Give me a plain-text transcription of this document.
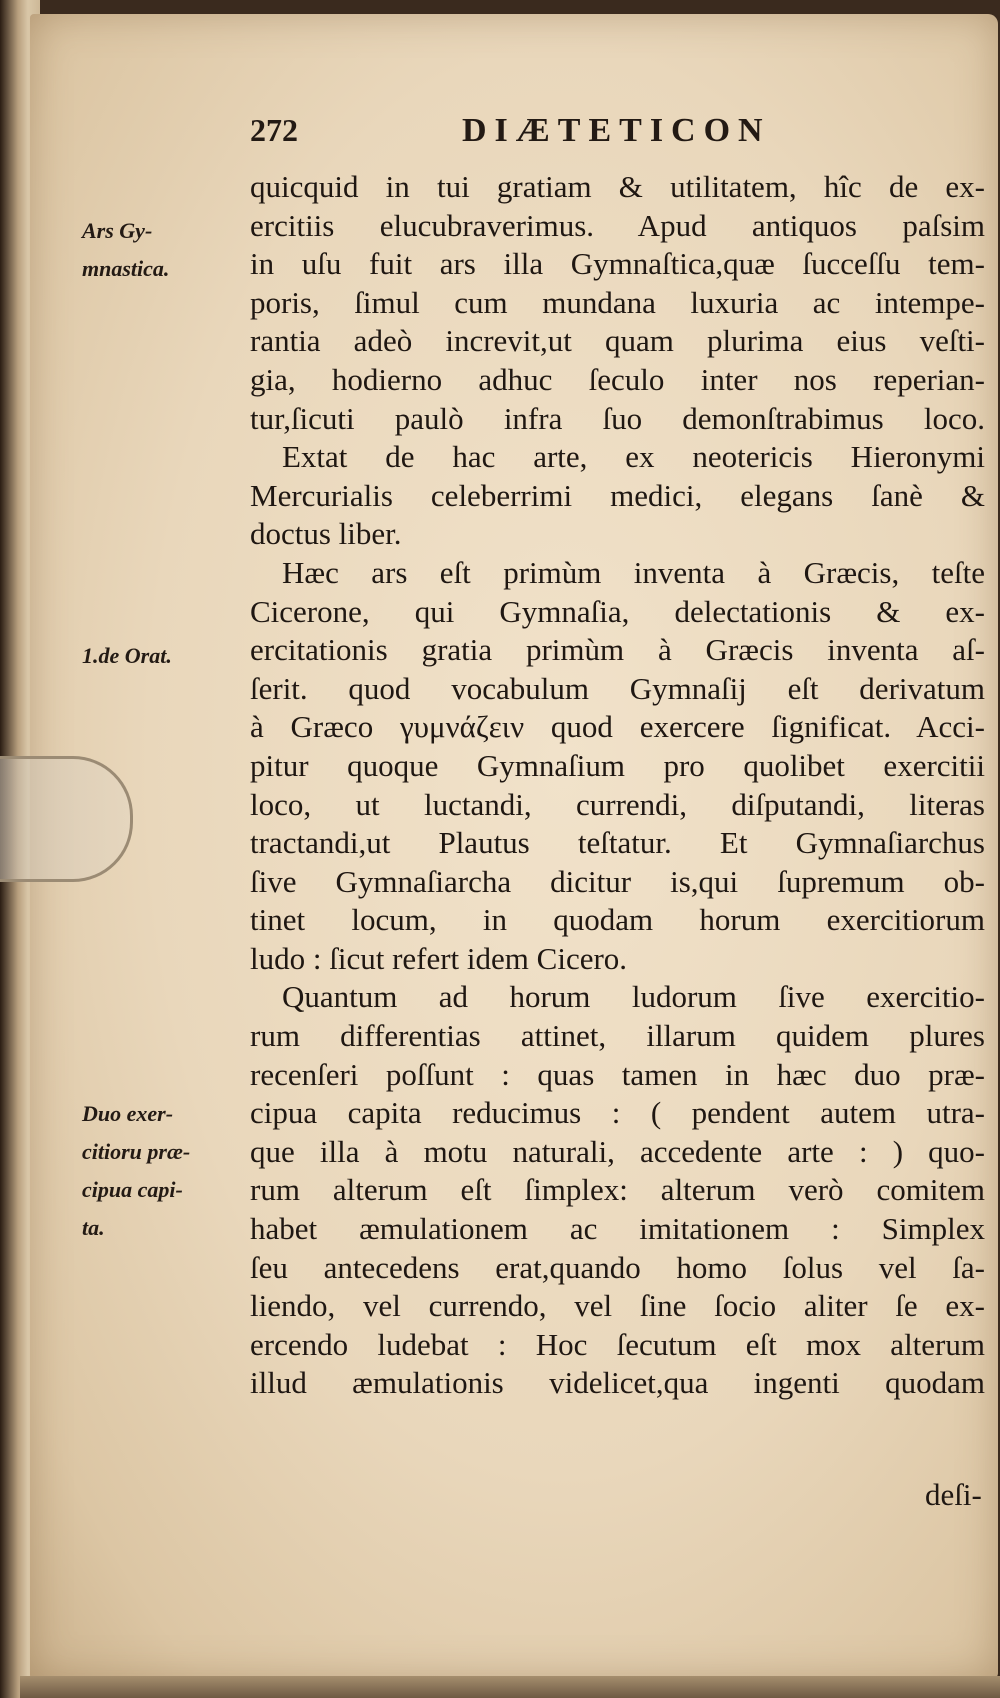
272	DIÆTETICON
Ars Gy-
mnastica.
1.de Orat.
Duo exer-
citioru præ-
cipua capi-
ta.
quicquid in tui gratiam & utilitatem, hîc de ex-
ercitiis elucubraverimus. Apud antiquos paſsim
in uſu fuit ars illa Gymnaſtica,quæ ſucceſſu tem-
poris, ſimul cum mundana luxuria ac intempe-
rantia adeò increvit,ut quam plurima eius veſti-
gia, hodierno adhuc ſeculo inter nos reperian-
tur,ſicuti paulò infra ſuo demonſtrabimus loco.
Extat de hac arte, ex neotericis Hieronymi
Mercurialis celeberrimi medici, elegans ſanè &
doctus liber.
Hæc ars eſt primùm inventa à Græcis, teſte
Cicerone, qui Gymnaſia, delectationis & ex-
ercitationis gratia primùm à Græcis inventa aſ-
ſerit. quod vocabulum Gymnaſij eſt derivatum
à Græco γυμνάζειν quod exercere ſignificat. Acci-
pitur quoque Gymnaſium pro quolibet exercitii
loco, ut luctandi, currendi, diſputandi, literas
tractandi,ut Plautus teſtatur. Et Gymnaſiarchus
ſive Gymnaſiarcha dicitur is,qui ſupremum ob-
tinet locum, in quodam horum exercitiorum
ludo : ſicut refert idem Cicero.
Quantum ad horum ludorum ſive exercitio-
rum differentias attinet, illarum quidem plures
recenſeri poſſunt : quas tamen in hæc duo præ-
cipua capita reducimus : ( pendent autem utra-
que illa à motu naturali, accedente arte : ) quo-
rum alterum eſt ſimplex: alterum verò comitem
habet æmulationem ac imitationem : Simplex
ſeu antecedens erat,quando homo ſolus vel ſa-
liendo, vel currendo, vel ſine ſocio aliter ſe ex-
ercendo ludebat : Hoc ſecutum eſt mox alterum
illud æmulationis videlicet,qua ingenti quodam
deſi-
